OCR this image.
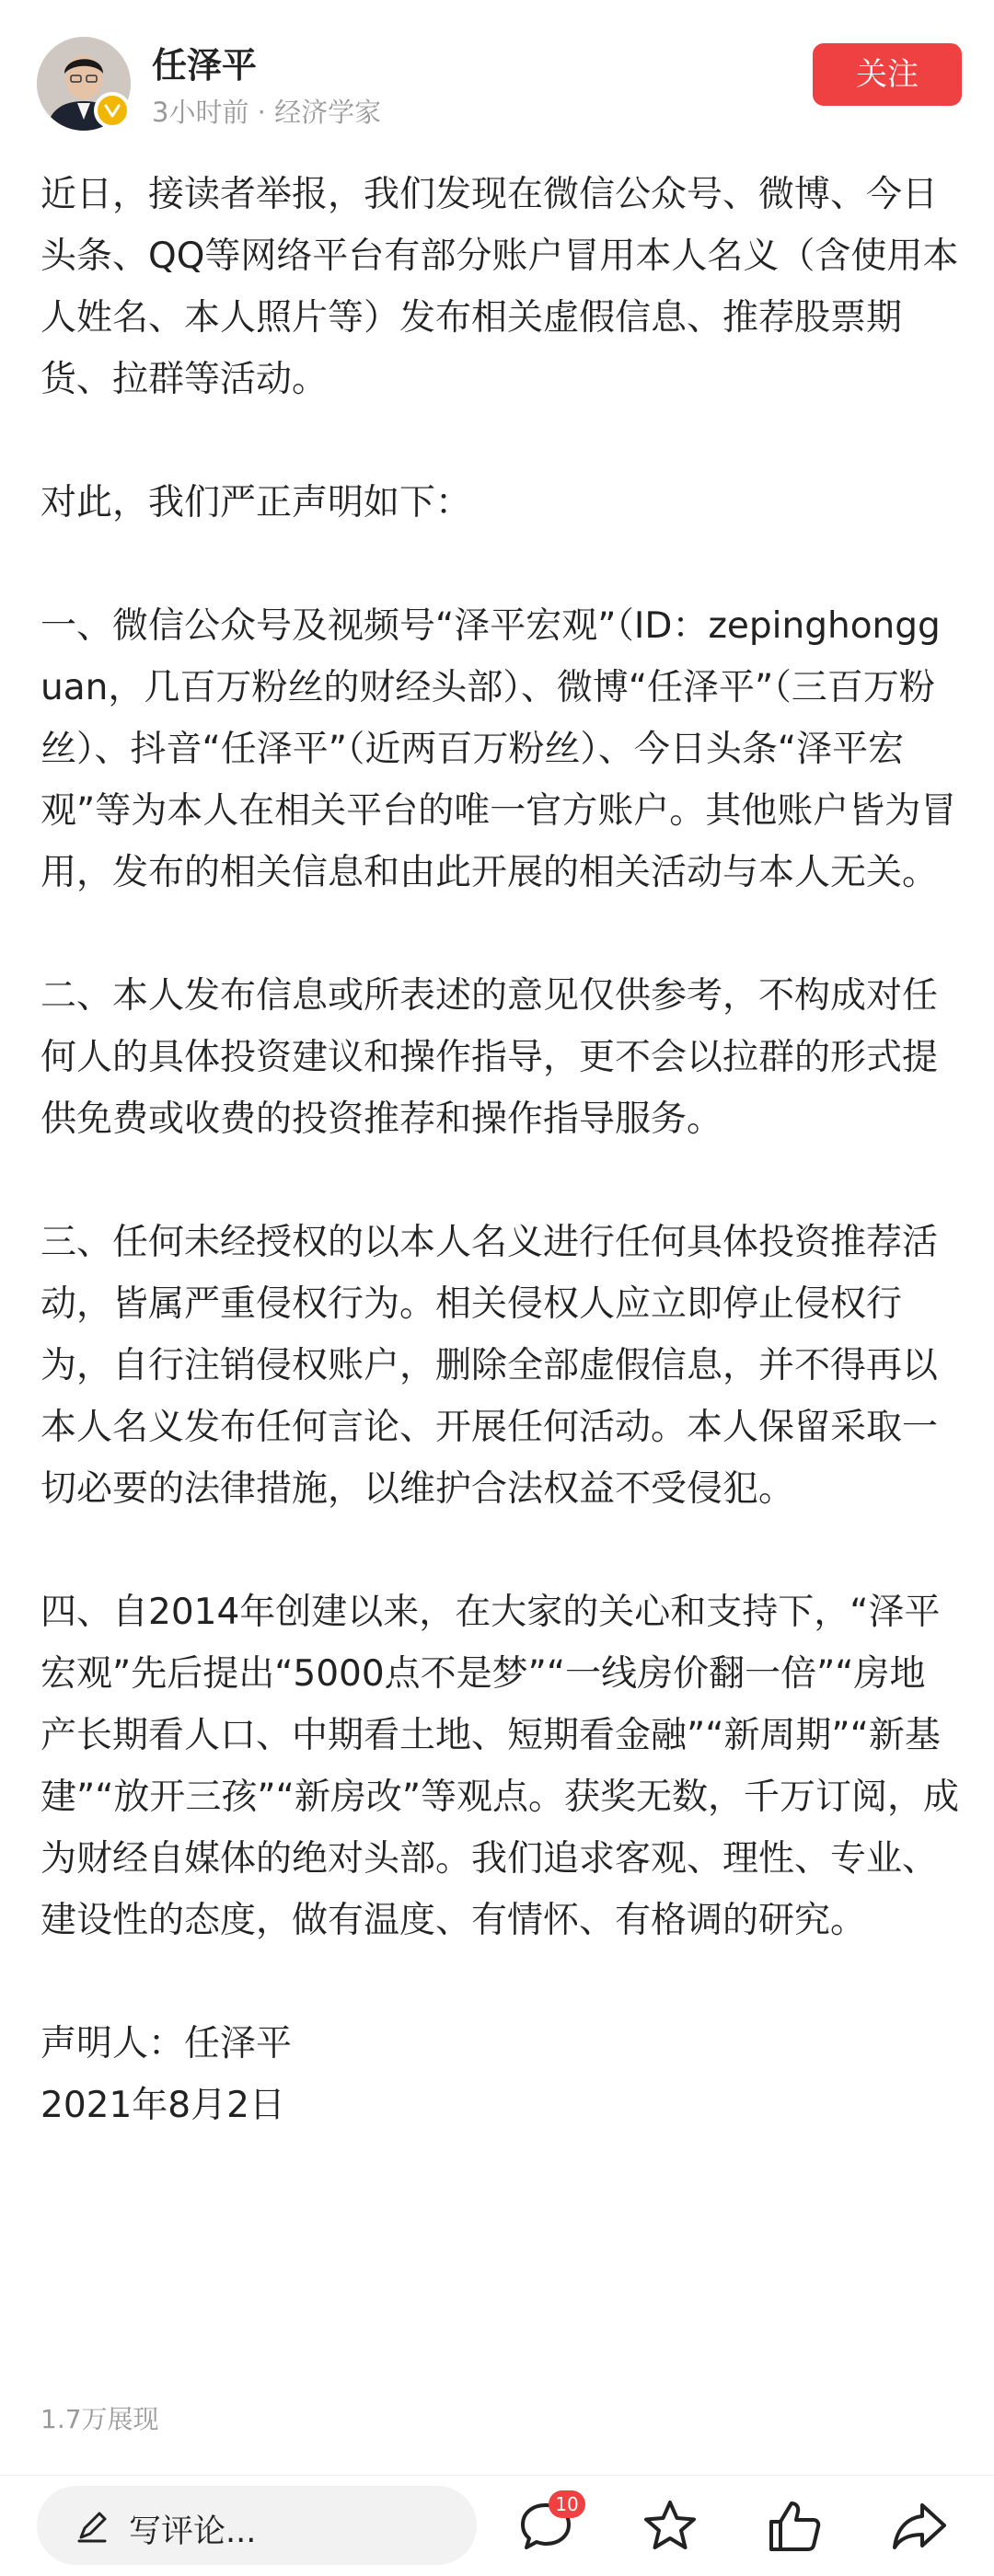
任泽平
3小时前 · 经济学家
关注

近日，接读者举报，我们发现在微信公众号、微博、今日头条、QQ等网络平台有部分账户冒用本人名义（含使用本人姓名、本人照片等）发布相关虚假信息、推荐股票期货、拉群等活动。

对此，我们严正声明如下：

一、微信公众号及视频号“泽平宏观”（ID：zepinghongguan，几百万粉丝的财经头部）、微博“任泽平”（三百万粉丝）、抖音“任泽平”（近两百万粉丝）、今日头条“泽平宏观”等为本人在相关平台的唯一官方账户。其他账户皆为冒用，发布的相关信息和由此开展的相关活动与本人无关。

二、本人发布信息或所表述的意见仅供参考，不构成对任何人的具体投资建议和操作指导，更不会以拉群的形式提供免费或收费的投资推荐和操作指导服务。

三、任何未经授权的以本人名义进行任何具体投资推荐活动，皆属严重侵权行为。相关侵权人应立即停止侵权行为，自行注销侵权账户，删除全部虚假信息，并不得再以本人名义发布任何言论、开展任何活动。本人保留采取一切必要的法律措施，以维护合法权益不受侵犯。

四、自2014年创建以来，在大家的关心和支持下，“泽平宏观”先后提出“5000点不是梦”“一线房价翻一倍”“房地产长期看人口、中期看土地、短期看金融”“新周期”“新基建”“放开三孩”“新房改”等观点。获奖无数，千万订阅，成为财经自媒体的绝对头部。我们追求客观、理性、专业、建设性的态度，做有温度、有情怀、有格调的研究。

声明人：任泽平

2021年8月2日

1.7万展现
写评论...
10
